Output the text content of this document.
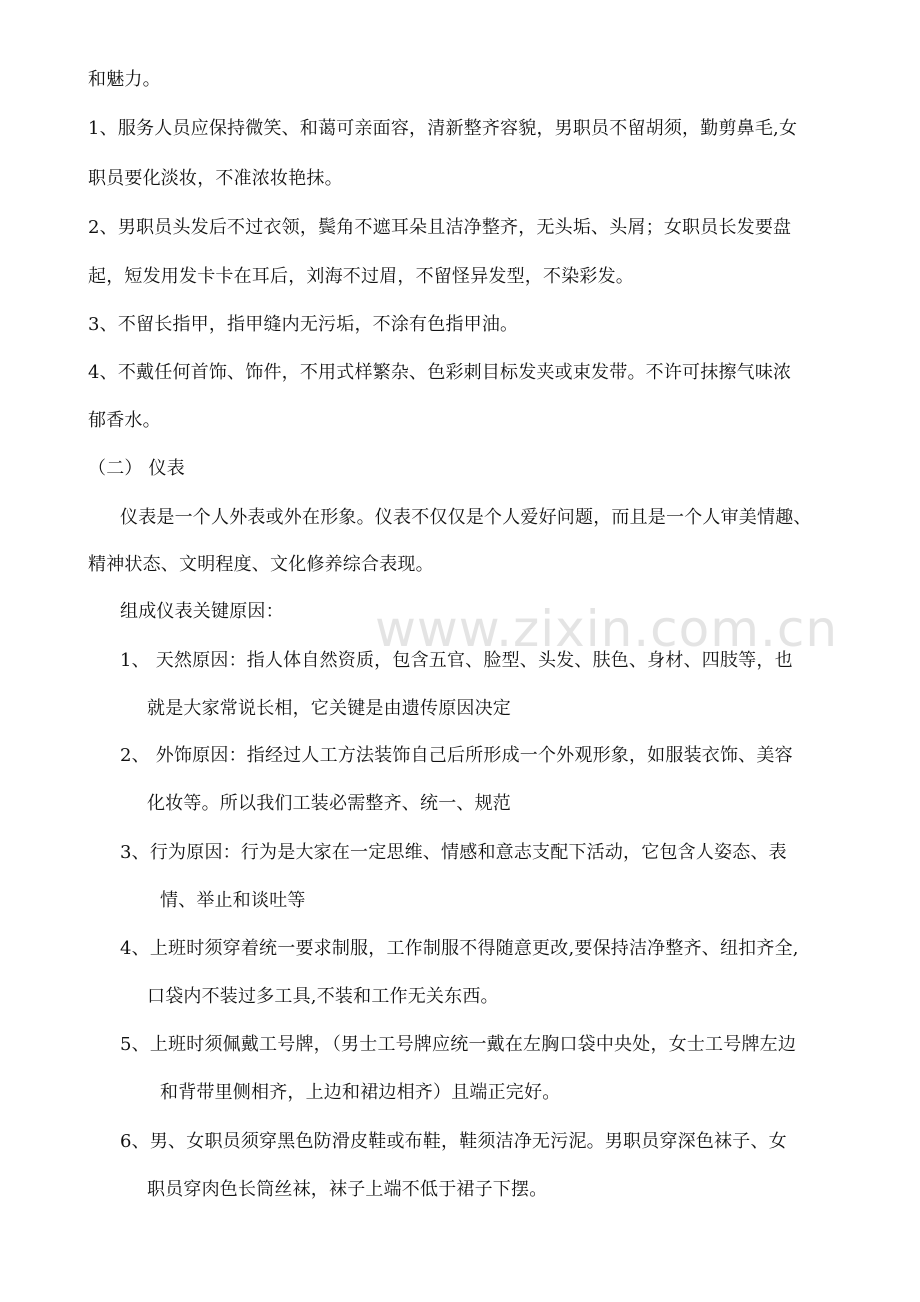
www.zixin.com.cn
和魅力。
1、服务人员应保持微笑、和蔼可亲面容，清新整齐容貌，男职员不留胡须，勤剪鼻毛,女
职员要化淡妆，不准浓妆艳抹。
2、男职员头发后不过衣领，鬓角不遮耳朵且洁净整齐，无头垢、头屑；女职员长发要盘
起，短发用发卡卡在耳后，刘海不过眉，不留怪异发型，不染彩发。
3、不留长指甲，指甲缝内无污垢，不涂有色指甲油。
4、不戴任何首饰、饰件，不用式样繁杂、色彩刺目标发夹或束发带。不许可抹擦气味浓
郁香水。
（二） 仪表
仪表是一个人外表或外在形象。仪表不仅仅是个人爱好问题，而且是一个人审美情趣、
精神状态、文明程度、文化修养综合表现。
组成仪表关键原因：
1、 天然原因：指人体自然资质，包含五官、脸型、头发、肤色、身材、四肢等，也
就是大家常说长相，它关键是由遗传原因决定
2、 外饰原因：指经过人工方法装饰自己后所形成一个外观形象，如服装衣饰、美容
化妆等。所以我们工装必需整齐、统一、规范
3、行为原因：行为是大家在一定思维、情感和意志支配下活动，它包含人姿态、表
情、举止和谈吐等
4、上班时须穿着统一要求制服，工作制服不得随意更改,要保持洁净整齐、纽扣齐全,
口袋内不装过多工具,不装和工作无关东西。
5、上班时须佩戴工号牌，（男士工号牌应统一戴在左胸口袋中央处，女士工号牌左边
和背带里侧相齐，上边和裙边相齐）且端正完好。
6、男、女职员须穿黑色防滑皮鞋或布鞋，鞋须洁净无污泥。男职员穿深色袜子、女
职员穿肉色长筒丝袜，袜子上端不低于裙子下摆。
